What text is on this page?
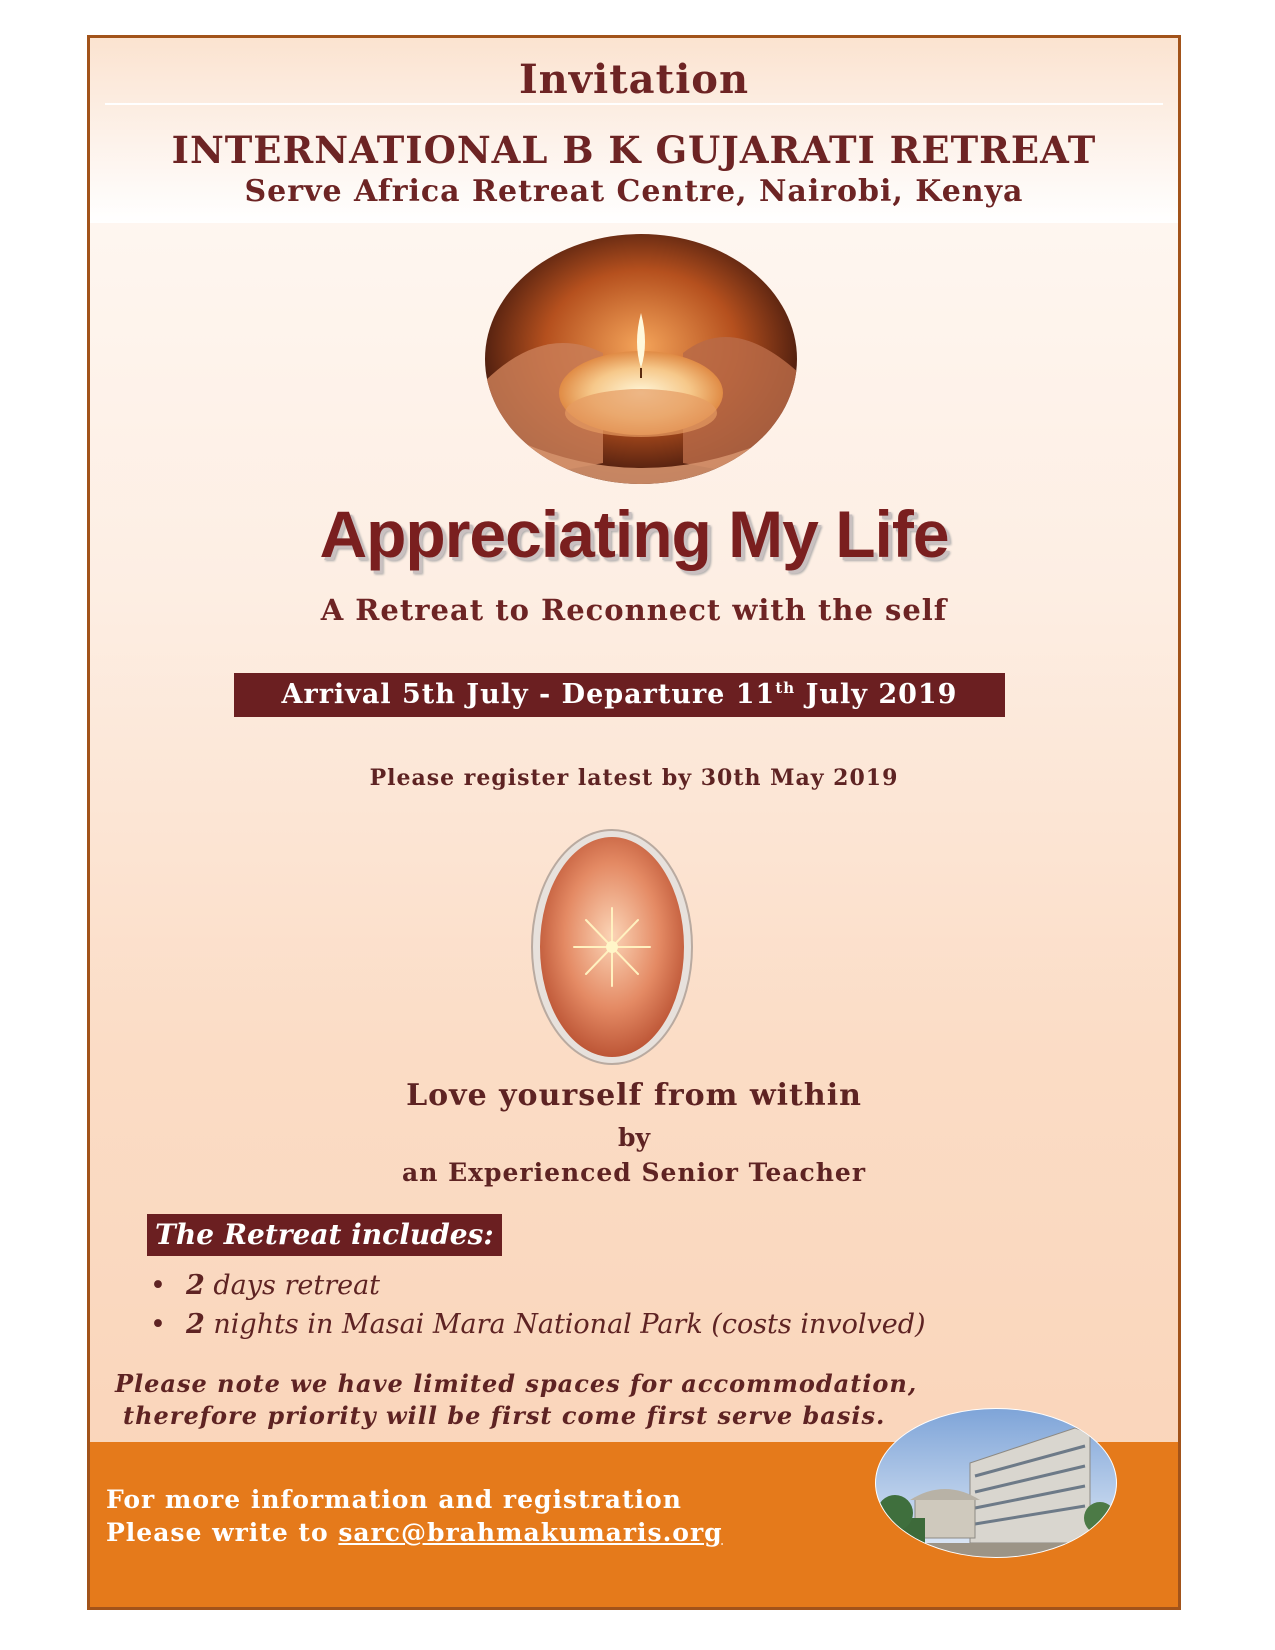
Invitation
INTERNATIONAL B K GUJARATI RETREAT
Serve Africa Retreat Centre, Nairobi, Kenya
Appreciating My Life
A Retreat to Reconnect with the self
Arrival 5th July - Departure 11th July 2019
Please register latest by 30th May 2019
Love yourself from within
by
an Experienced Senior Teacher
The Retreat includes:
• 2 days retreat
• 2 nights in Masai Mara National Park (costs involved)
Please note we have limited spaces for accommodation,
therefore priority will be first come first serve basis.
For more information and registration
Please write to sarc@brahmakumaris.org
